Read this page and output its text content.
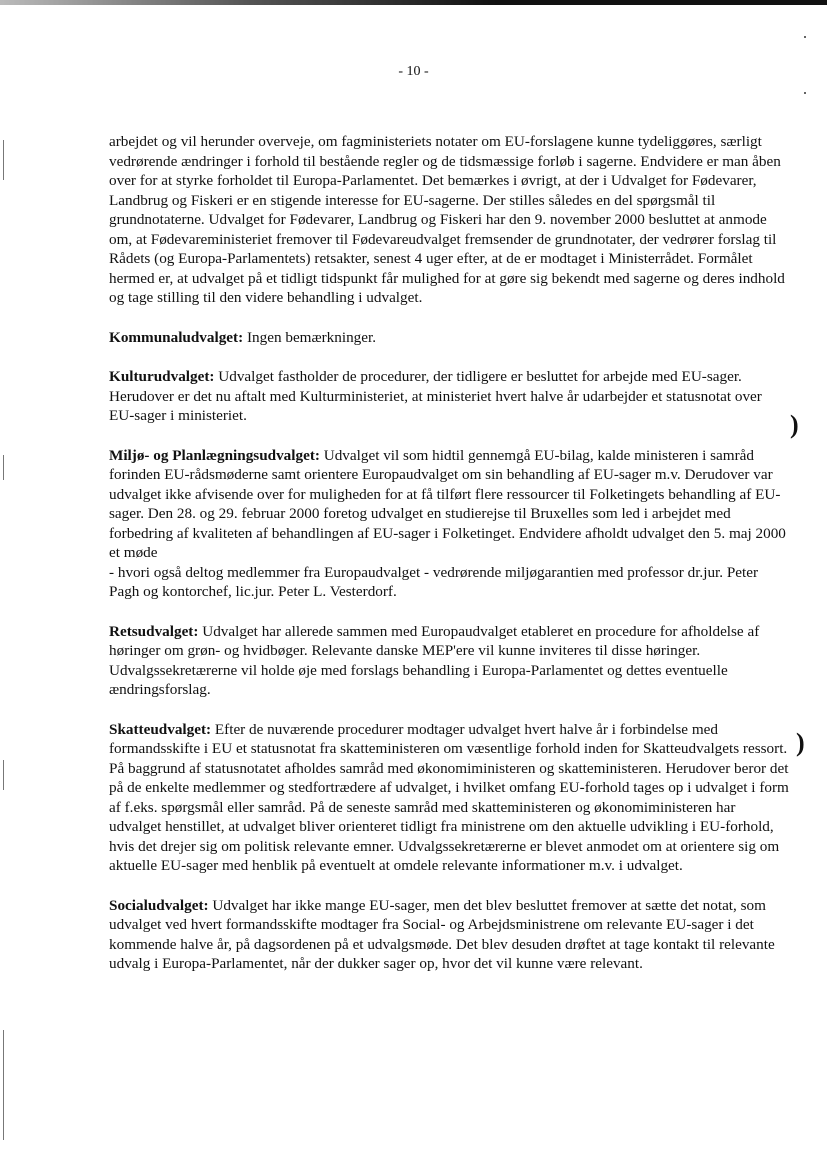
- 10 -

arbejdet og vil herunder overveje, om fagministeriets notater om EU-forslagene kunne tydeliggøres, særligt vedrørende ændringer i forhold til bestående regler og de tidsmæssige forløb i sagerne. Endvidere er man åben over for at styrke forholdet til Europa-Parlamentet. Det bemærkes i øvrigt, at der i Udvalget for Fødevarer, Landbrug og Fiskeri er en stigende interesse for EU-sagerne. Der stilles således en del spørgsmål til grundnotaterne. Udvalget for Fødevarer, Landbrug og Fiskeri har den 9. november 2000 besluttet at anmode om, at Fødevareministeriet fremover til Fødevareudvalget fremsender de grundnotater, der vedrører forslag til Rådets (og Europa-Parlamentets) retsakter, senest 4 uger efter, at de er modtaget i Ministerrådet. Formålet hermed er, at udvalget på et tidligt tidspunkt får mulighed for at gøre sig bekendt med sagerne og deres indhold og tage stilling til den videre behandling i udvalget.

Kommunaludvalget: Ingen bemærkninger.

Kulturudvalget: Udvalget fastholder de procedurer, der tidligere er besluttet for arbejde med EU-sager. Herudover er det nu aftalt med Kulturministeriet, at ministeriet hvert halve år udarbejder et statusnotat over EU-sager i ministeriet.

Miljø- og Planlægningsudvalget: Udvalget vil som hidtil gennemgå EU-bilag, kalde ministeren i samråd forinden EU-rådsmøderne samt orientere Europaudvalget om sin behandling af EU-sager m.v. Derudover var udvalget ikke afvisende over for muligheden for at få tilført flere ressourcer til Folketingets behandling af EU-sager. Den 28. og 29. februar 2000 foretog udvalget en studierejse til Bruxelles som led i arbejdet med forbedring af kvaliteten af behandlingen af EU-sager i Folketinget. Endvidere afholdt udvalget den 5. maj 2000 et møde
- hvori også deltog medlemmer fra Europaudvalget - vedrørende miljøgarantien med professor dr.jur. Peter Pagh og kontorchef, lic.jur. Peter L. Vesterdorf.

Retsudvalget: Udvalget har allerede sammen med Europaudvalget etableret en procedure for afholdelse af høringer om grøn- og hvidbøger. Relevante danske MEP'ere vil kunne inviteres til disse høringer. Udvalgssekretærerne vil holde øje med forslags behandling i Europa-Parlamentet og dettes eventuelle ændringsforslag.

Skatteudvalget: Efter de nuværende procedurer modtager udvalget hvert halve år i forbindelse med formandsskifte i EU et statusnotat fra skatteministeren om væsentlige forhold inden for Skatteudvalgets ressort. På baggrund af statusnotatet afholdes samråd med økonomiministeren og skatteministeren. Herudover beror det på de enkelte medlemmer og stedfortrædere af udvalget, i hvilket omfang EU-forhold tages op i udvalget i form af f.eks. spørgsmål eller samråd. På de seneste samråd med skatteministeren og økonomiministeren har udvalget henstillet, at udvalget bliver orienteret tidligt fra ministrene om den aktuelle udvikling i EU-forhold, hvis det drejer sig om politisk relevante emner. Udvalgssekretærerne er blevet anmodet om at orientere sig om aktuelle EU-sager med henblik på eventuelt at omdele relevante informationer m.v. i udvalget.

Socialudvalget: Udvalget har ikke mange EU-sager, men det blev besluttet fremover at sætte det notat, som udvalget ved hvert formandsskifte modtager fra Social- og Arbejdsministrene om relevante EU-sager i det kommende halve år, på dagsordenen på et udvalgsmøde. Det blev desuden drøftet at tage kontakt til relevante udvalg i Europa-Parlamentet, når der dukker sager op, hvor det vil kunne være relevant.

)
)
